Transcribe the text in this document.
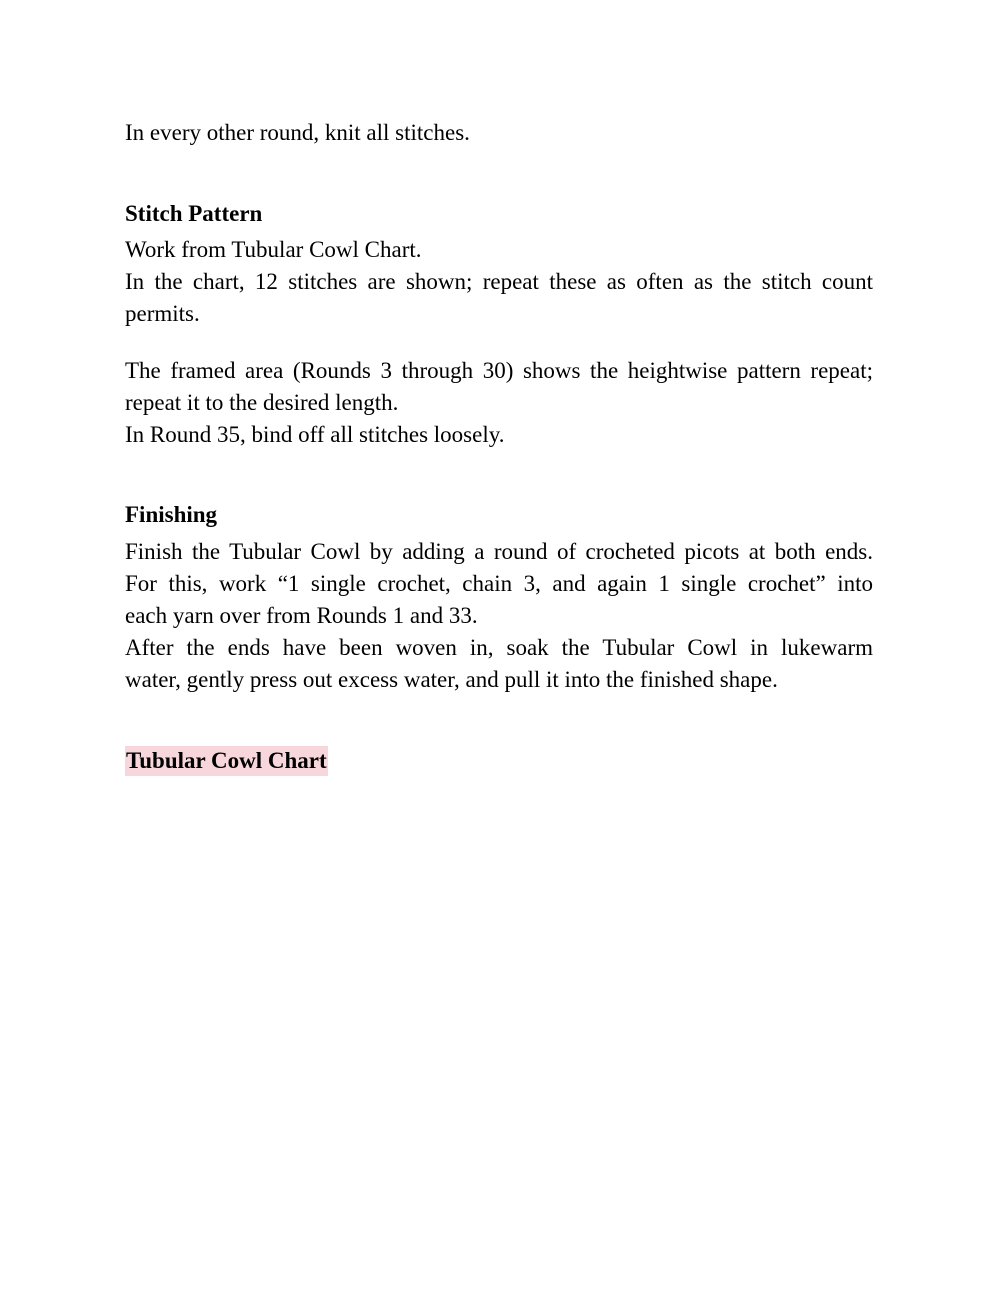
In every other round, knit all stitches.

Stitch Pattern

Work from Tubular Cowl Chart.

In the chart, 12 stitches are shown; repeat these as often as the stitch count

permits.

The framed area (Rounds 3 through 30) shows the heightwise pattern repeat;

repeat it to the desired length.

In Round 35, bind off all stitches loosely.

Finishing

Finish the Tubular Cowl by adding a round of crocheted picots at both ends.

For this, work “1 single crochet, chain 3, and again 1 single crochet” into

each yarn over from Rounds 1 and 33.

After the ends have been woven in, soak the Tubular Cowl in lukewarm

water, gently press out excess water, and pull it into the finished shape.

Tubular Cowl Chart
